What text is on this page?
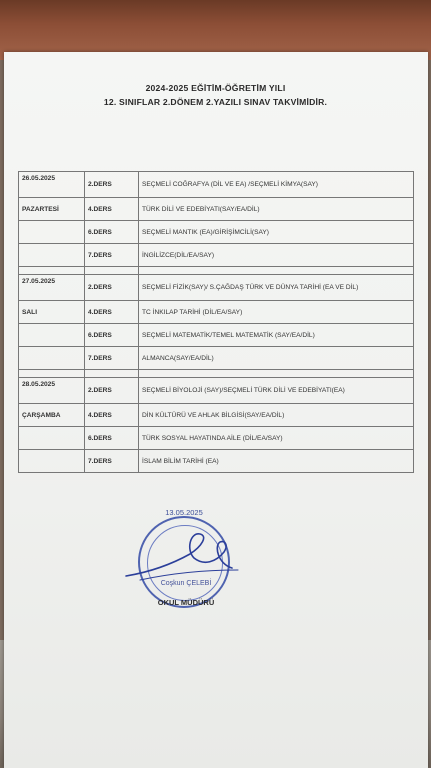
2024-2025 EĞİTİM-ÖĞRETİM YILI
12. SINIFLAR 2.DÖNEM 2.YAZILI SINAV TAKVİMİDİR.
26.05.2025	2.DERS	SEÇMELİ COĞRAFYA (DİL VE EA) /SEÇMELİ KİMYA(SAY)
PAZARTESİ	4.DERS	TÜRK DİLİ VE EDEBİYATI(SAY/EA/DİL)
	6.DERS	SEÇMELİ MANTIK (EA)/GİRİŞİMCİLİ(SAY)
	7.DERS	İNGİLİZCE(DİL/EA/SAY)

27.05.2025	2.DERS	SEÇMELİ FİZİK(SAY)/ S.ÇAĞDAŞ TÜRK VE DÜNYA TARİHİ (EA VE DİL)
SALI	4.DERS	TC İNKILAP TARİHİ (DİL/EA/SAY)
	6.DERS	SEÇMELİ MATEMATİK/TEMEL MATEMATİK (SAY/EA/DİL)
	7.DERS	ALMANCA(SAY/EA/DİL)

28.05.2025	2.DERS	SEÇMELİ BİYOLOJİ (SAY)/SEÇMELİ TÜRK DİLİ VE EDEBİYATI(EA)
ÇARŞAMBA	4.DERS	DİN KÜLTÜRÜ VE AHLAK BİLGİSİ(SAY/EA/DİL)
	6.DERS	TÜRK SOSYAL HAYATINDA AİLE (DİL/EA/SAY)
	7.DERS	İSLAM BİLİM TARİHİ (EA)
13.05.2025
Coşkun ÇELEBİ
OKUL MÜDÜRÜ
